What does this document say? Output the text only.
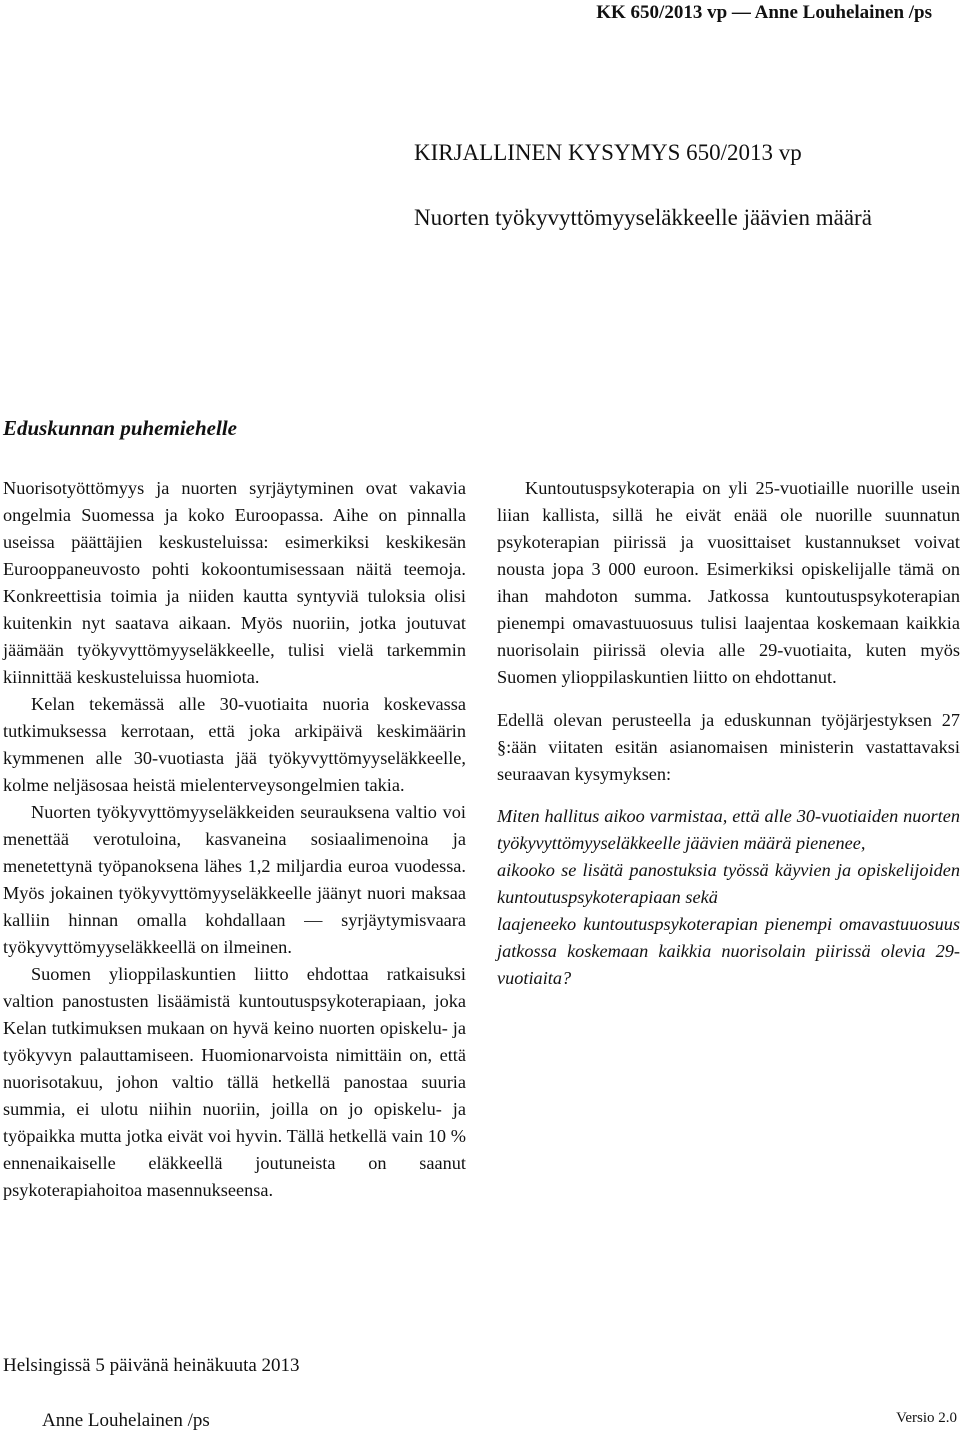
KK 650/2013 vp — Anne Louhelainen /ps
KIRJALLINEN KYSYMYS 650/2013 vp
Nuorten työkyvyttömyyseläkkeelle jäävien määrä
Eduskunnan puhemiehelle

Nuorisotyöttömyys ja nuorten syrjäytyminen ovat vakavia ongelmia Suomessa ja koko Euroopassa. Aihe on pinnalla useissa päättäjien keskusteluissa: esimerkiksi keskikesän Eurooppaneuvosto pohti kokoontumisessaan näitä teemoja. Konkreettisia toimia ja niiden kautta syntyviä tuloksia olisi kuitenkin nyt saatava aikaan. Myös nuoriin, jotka joutuvat jäämään työkyvyttömyyseläkkeelle, tulisi vielä tarkemmin kiinnittää keskusteluissa huomiota.

Kelan tekemässä alle 30-vuotiaita nuoria koskevassa tutkimuksessa kerrotaan, että joka arkipäivä keskimäärin kymmenen alle 30-vuotiasta jää työkyvyttömyyseläkkeelle, kolme neljäsosaa heistä mielenterveysongelmien takia.

Nuorten työkyvyttömyyseläkkeiden seurauksena valtio voi menettää verotuloina, kasvaneina sosiaalimenoina ja menetettynä työpanoksena lähes 1,2 miljardia euroa vuodessa. Myös jokainen työkyvyttömyyseläkkeelle jäänyt nuori maksaa kalliin hinnan omalla kohdallaan — syrjäytymisvaara työkyvyttömyyseläkkeellä on ilmeinen.

Suomen ylioppilaskuntien liitto ehdottaa ratkaisuksi valtion panostusten lisäämistä kuntoutuspsykoterapiaan, joka Kelan tutkimuksen mukaan on hyvä keino nuorten opiskelu- ja työkyvyn palauttamiseen. Huomionarvoista nimittäin on, että nuorisotakuu, johon valtio tällä hetkellä panostaa suuria summia, ei ulotu niihin nuoriin, joilla on jo opiskelu- ja työpaikka mutta jotka eivät voi hyvin. Tällä hetkellä vain 10 % ennenaikaiselle eläkkeellä joutuneista on saanut psykoterapiahoitoa masennukseensa.

Kuntoutuspsykoterapia on yli 25-vuotiaille nuorille usein liian kallista, sillä he eivät enää ole nuorille suunnatun psykoterapian piirissä ja vuosittaiset kustannukset voivat nousta jopa 3 000 euroon. Esimerkiksi opiskelijalle tämä on ihan mahdoton summa. Jatkossa kuntoutuspsykoterapian pienempi omavastuuosuus tulisi laajentaa koskemaan kaikkia nuorisolain piirissä olevia alle 29-vuotiaita, kuten myös Suomen ylioppilaskuntien liitto on ehdottanut.

Edellä olevan perusteella ja eduskunnan työjärjestyksen 27 §:ään viitaten esitän asianomaisen ministerin vastattavaksi seuraavan kysymyksen:

Miten hallitus aikoo varmistaa, että alle 30-vuotiaiden nuorten työkyvyttömyyseläkkeelle jäävien määrä pienenee,

aikooko se lisätä panostuksia työssä käyvien ja opiskelijoiden kuntoutuspsykoterapiaan sekä

laajeneeko kuntoutuspsykoterapian pienempi omavastuuosuus jatkossa koskemaan kaikkia nuorisolain piirissä olevia 29-vuotiaita?

Helsingissä 5 päivänä heinäkuuta 2013
Anne Louhelainen /ps	Versio 2.0
